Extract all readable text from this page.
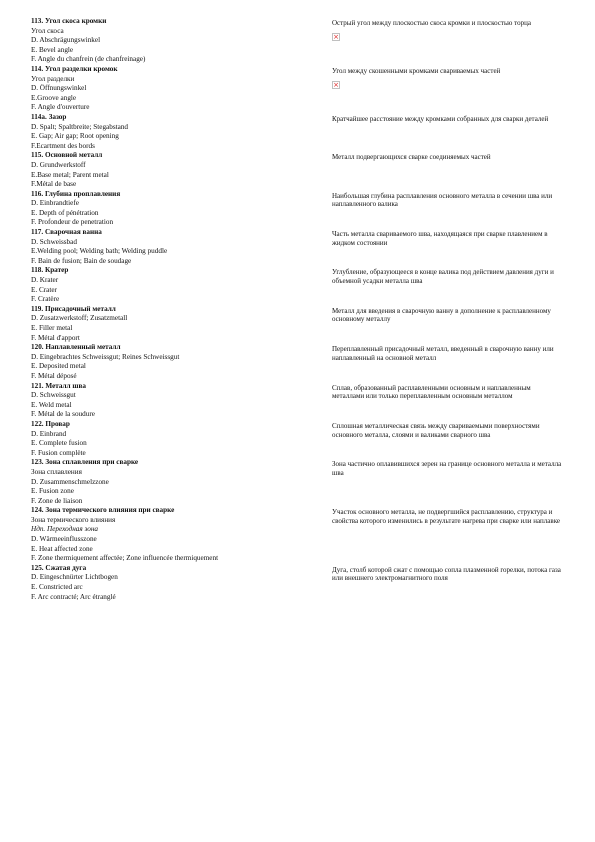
113. Угол скоса кромки
Угол скоса
D. Abschrägungswinkel
E. Bevel angle
F. Angle du chanfrein (de chanfreinage)
Острый угол между плоскостью скоса кромки и плоскостью торца
×
114. Угол разделки кромок
Угол разделки
D. Öffnungswinkel
E.Groove angle
F. Angle d'ouverture
Угол между скошенными кромками свариваемых частей
×
114a. Зазор
D. Spalt; Spaltbreite; Stegabstand
E. Gap; Air gap; Root opening
F.Ecartment des bords
Кратчайшее расстояние между кромками собранных для сварки деталей
115. Основной металл
D. Grundwerkstoff
E.Base metal; Parent metal
F.Métal de base
Металл подвергающихся сварке соединяемых частей
116. Глубина проплавления
D. Einbrandtiefe
E. Depth of pénétration
F. Profondeur de penetration
Наибольшая глубина расплавления основного металла в сечении шва или наплавленного валика
117. Сварочная ванна
D. Schweissbad
E.Welding pool; Welding bath; Welding puddle
F. Bain de fusion; Bain de soudage
Часть металла свариваемого шва, находящаяся при сварке плавлением в жидком состоянии
118. Кратер
D. Krater
E. Crater
F. Cratère
Углубление, образующееся в конце валика под действием давления дуги и объемной усадки металла шва
119. Присадочный металл
D. Zusatzwerkstoff; Zusatzmetall
E. Filler metal
F. Métal d'apport
Металл для введения в сварочную ванну в дополнение к расплавленному основному металлу
120. Наплавленный металл
D. Eingebrachtes Schweissgut; Reines Schweissgut
E. Deposited metal
F. Métal déposé
Переплавленный присадочный металл, введенный в сварочную ванну или наплавленный на основной металл
121. Металл шва
D. Schweissgut
E. Weld metal
F. Métal de la soudure
Сплав, образованный расплавленными основным и наплавленным металлами или только переплавленным основным металлом
122. Провар
D. Einbrand
E. Complete fusion
F. Fusion complète
Сплошная металлическая связь между свариваемыми поверхностями основного металла, слоями и валиками сварного шва
123. Зона сплавления при сварке
Зона сплавления
D. Zusammenschmelzzone
E. Fusion zone
F. Zone de liaison
Зона частично оплавившихся зерен на границе основного металла и металла шва
124. Зона термического влияния при сварке
Зона термического влияния
Ндп. Переходная зона
D. Wärmeeinflusszone
E. Heat affected zone
F. Zone thermiquement affectée; Zone influencée thermiquement
Участок основного металла, не подвергшийся расплавлению, структура и свойства которого изменились в результате нагрева при сварке или наплавке
125. Сжатая дуга
D. Eingeschnürter Lichtbogen
E. Constricted arc
F. Arc contracté; Arc étranglé
Дуга, столб которой сжат с помощью сопла плазменной горелки, потока газа или внешнего электромагнитного поля
